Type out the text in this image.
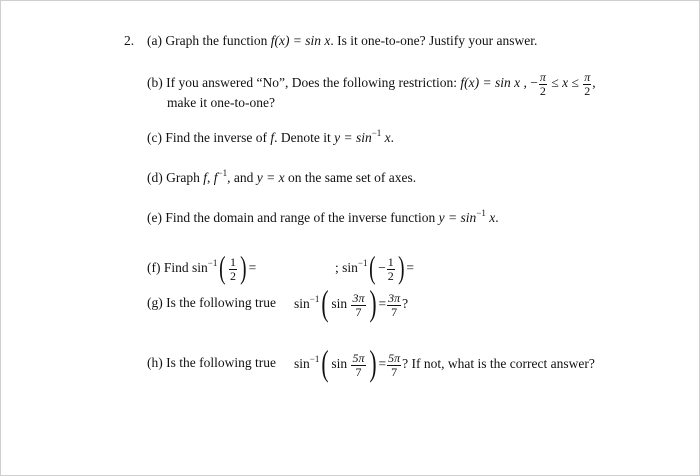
2. (a) Graph the function f(x) = sin x. Is it one-to-one? Justify your answer.
(b) If you answered “No”, Does the following restriction: f(x) = sin x , − $\frac{\pi}{2} \le x \le \frac{\pi}{2}$ ,
make it one-to-one?
(c) Find the inverse of f. Denote it $y = \sin^{-1} x$.
(d) Graph f, $f^{-1}$, and y = x on the same set of axes.
(e) Find the domain and range of the inverse function $y = \sin^{-1} x$.
(f) Find $\sin^{-1}( \frac{1}{2}$ ) =	; $\sin^{-1}( - \frac{1}{2}$ ) =
(g) Is the following true $\sin^{-1}$( $\sin \frac{3\pi}{7}$ ) = $\frac{3\pi}{7}$ ?
(h) Is the following true $\sin^{-1}$( $\sin \frac{5\pi}{7}$ ) = $\frac{5\pi}{7}$ ? If not, what is the correct answer?
